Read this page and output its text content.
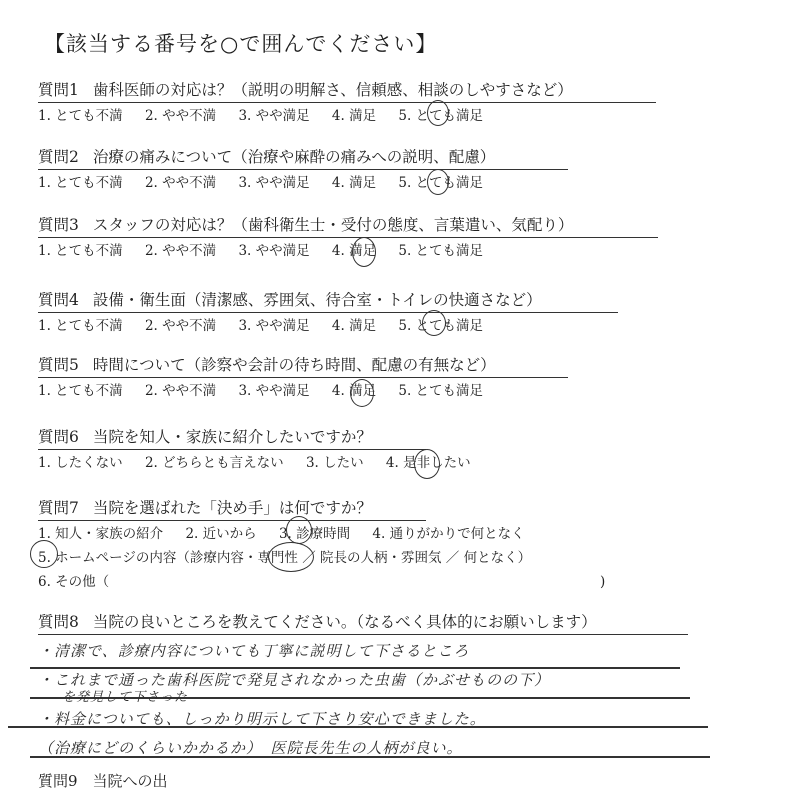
【該当する番号を○で囲んでください】
質問1 歯科医師の対応は？（説明の明解さ、信頼感、相談のしやすさなど）
1. とても不満 2. やや不満 3. やや満足 4. 満足 5. とても満足
質問2 治療の痛みについて（治療や麻酔の痛みへの説明、配慮）
1. とても不満 2. やや不満 3. やや満足 4. 満足 5. とても満足
質問3 スタッフの対応は？（歯科衛生士・受付の態度、言葉遣い、気配り）
1. とても不満 2. やや不満 3. やや満足 4. 満足 5. とても満足
質問4 設備・衛生面（清潔感、雰囲気、待合室・トイレの快適さなど）
1. とても不満 2. やや不満 3. やや満足 4. 満足 5. とても満足
質問5 時間について（診察や会計の待ち時間、配慮の有無など）
1. とても不満 2. やや不満 3. やや満足 4. 満足 5. とても満足
質問6 当院を知人・家族に紹介したいですか？
1. したくない 2. どちらとも言えない 3. したい 4. 是非したい
質問7 当院を選ばれた「決め手」は何ですか？
1. 知人・家族の紹介 2. 近いから 3. 診療時間 4. 通りがかりで何となく
5. ホームページの内容（診療内容・専門性 ／ 院長の人柄・雰囲気 ／ 何となく）
6. その他（	)
質問8 当院の良いところを教えてください。（なるべく具体的にお願いします）
・清潔で、診療内容についても丁寧に説明して下さるところ
・これまで通った歯科医院で発見されなかった虫歯（かぶせものの下）
を発見して下さった
・料金についても、しっかり明示して下さり安心できました。
（治療にどのくらいかかるか）　医院長先生の人柄が良い。
質問9　当院への出
